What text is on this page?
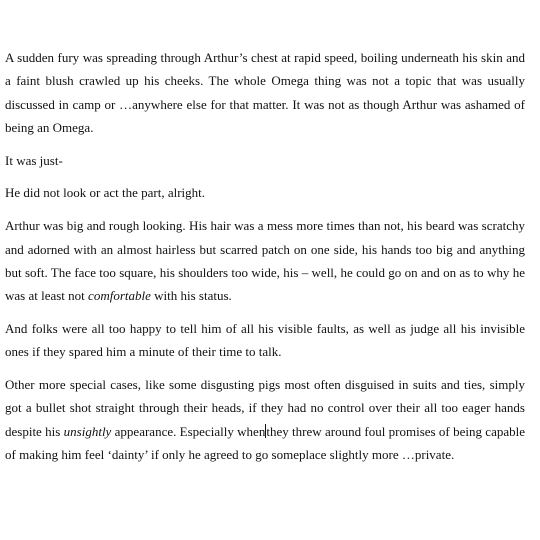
A sudden fury was spreading through Arthur’s chest at rapid speed, boiling underneath his skin and a faint blush crawled up his cheeks. The whole Omega thing was not a topic that was usually discussed in camp or …anywhere else for that matter. It was not as though Arthur was ashamed of being an Omega.

It was just-

He did not look or act the part, alright.

Arthur was big and rough looking. His hair was a mess more times than not, his beard was scratchy and adorned with an almost hairless but scarred patch on one side, his hands too big and anything but soft. The face too square, his shoulders too wide, his – well, he could go on and on as to why he was at least not comfortable with his status.

And folks were all too happy to tell him of all his visible faults, as well as judge all his invisible ones if they spared him a minute of their time to talk.

Other more special cases, like some disgusting pigs most often disguised in suits and ties, simply got a bullet shot straight through their heads, if they had no control over their all too eager hands despite his unsightly appearance. Especially whenthey threw around foul promises of being capable of making him feel ‘dainty’ if only he agreed to go someplace slightly more …private.
